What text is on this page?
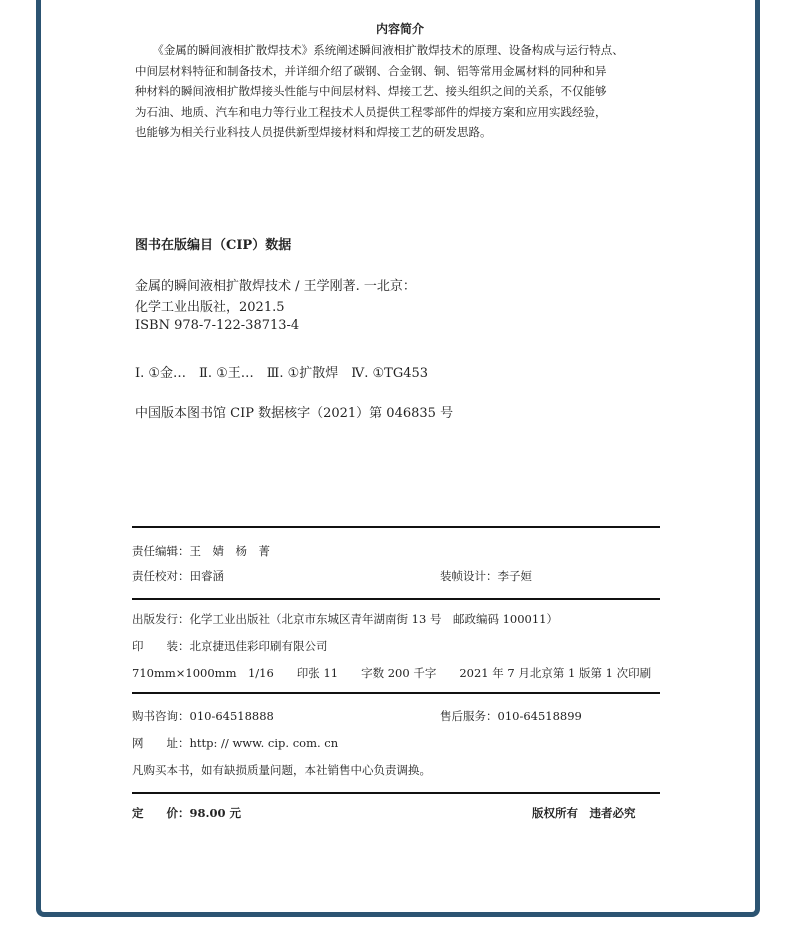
内容简介

　　《金属的瞬间液相扩散焊技术》系统阐述瞬间液相扩散焊技术的原理、设备构成与运行特点、

中间层材料特征和制备技术，并详细介绍了碳钢、合金钢、铜、铝等常用金属材料的同种和异

种材料的瞬间液相扩散焊接头性能与中间层材料、焊接工艺、接头组织之间的关系，不仅能够

为石油、地质、汽车和电力等行业工程技术人员提供工程零部件的焊接方案和应用实践经验，

也能够为相关行业科技人员提供新型焊接材料和焊接工艺的研发思路。

图书在版编目（CIP）数据
金属的瞬间液相扩散焊技术 / 王学刚著. 一北京：
化学工业出版社，2021.5
ISBN 978-7-122-38713-4
Ⅰ. ①金…　Ⅱ. ①王…　Ⅲ. ①扩散焊　Ⅳ. ①TG453
中国版本图书馆 CIP 数据核字（2021）第 046835 号
责任编辑：王　婧　杨　菁
责任校对：田睿涵	装帧设计：李子姮
出版发行：化学工业出版社（北京市东城区青年湖南街 13 号　邮政编码 100011）
印　　装：北京捷迅佳彩印刷有限公司
710mm×1000mm　1/16　　印张 11　　字数 200 千字　　2021 年 7 月北京第 1 版第 1 次印刷
购书咨询：010-64518888	售后服务：010-64518899
网　　址：http: // www. cip. com. cn
凡购买本书，如有缺损质量问题，本社销售中心负责调换。
定　　价：98.00 元	版权所有　违者必究
